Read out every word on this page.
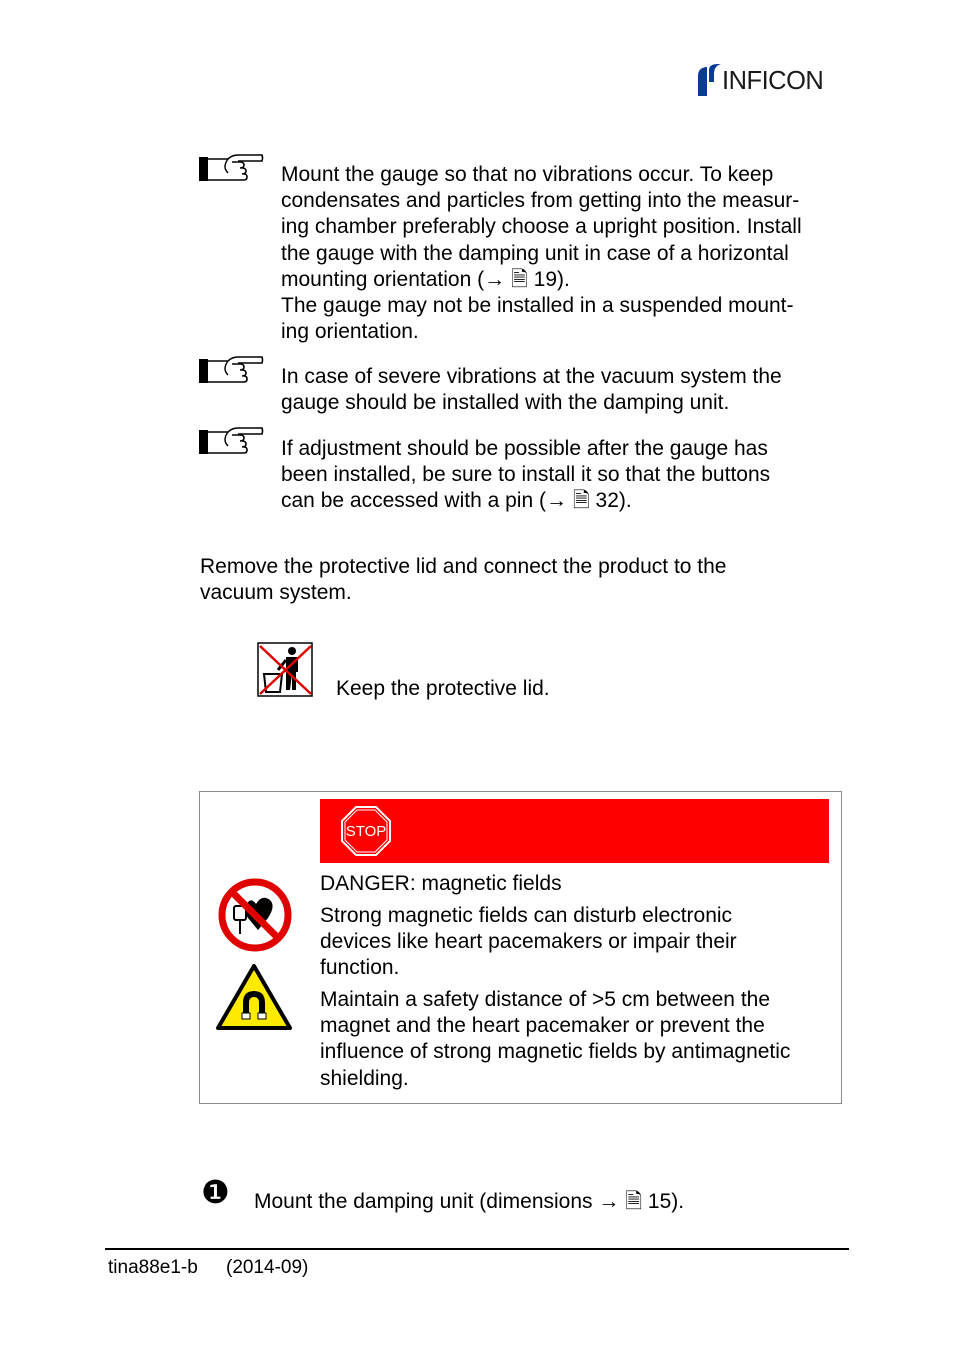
INFICON
Mount the gauge so that no vibrations occur. To keep
condensates and particles from getting into the measur-
ing chamber preferably choose a upright position. Install
the gauge with the damping unit in case of a horizontal
mounting orientation (→ 🗎 19).
The gauge may not be installed in a suspended mount-
ing orientation.
In case of severe vibrations at the vacuum system the
gauge should be installed with the damping unit.
If adjustment should be possible after the gauge has
been installed, be sure to install it so that the buttons
can be accessed with a pin (→ 🗎 32).
Remove the protective lid and connect the product to the
vacuum system.
Keep the protective lid.
STOP
DANGER: magnetic fields
Strong magnetic fields can disturb electronic
devices like heart pacemakers or impair their
function.
Maintain a safety distance of >5 cm between the
magnet and the heart pacemaker or prevent the
influence of strong magnetic fields by antimagnetic
shielding.
❶ Mount the damping unit (dimensions → 🗎 15).
tina88e1-b (2014-09)
